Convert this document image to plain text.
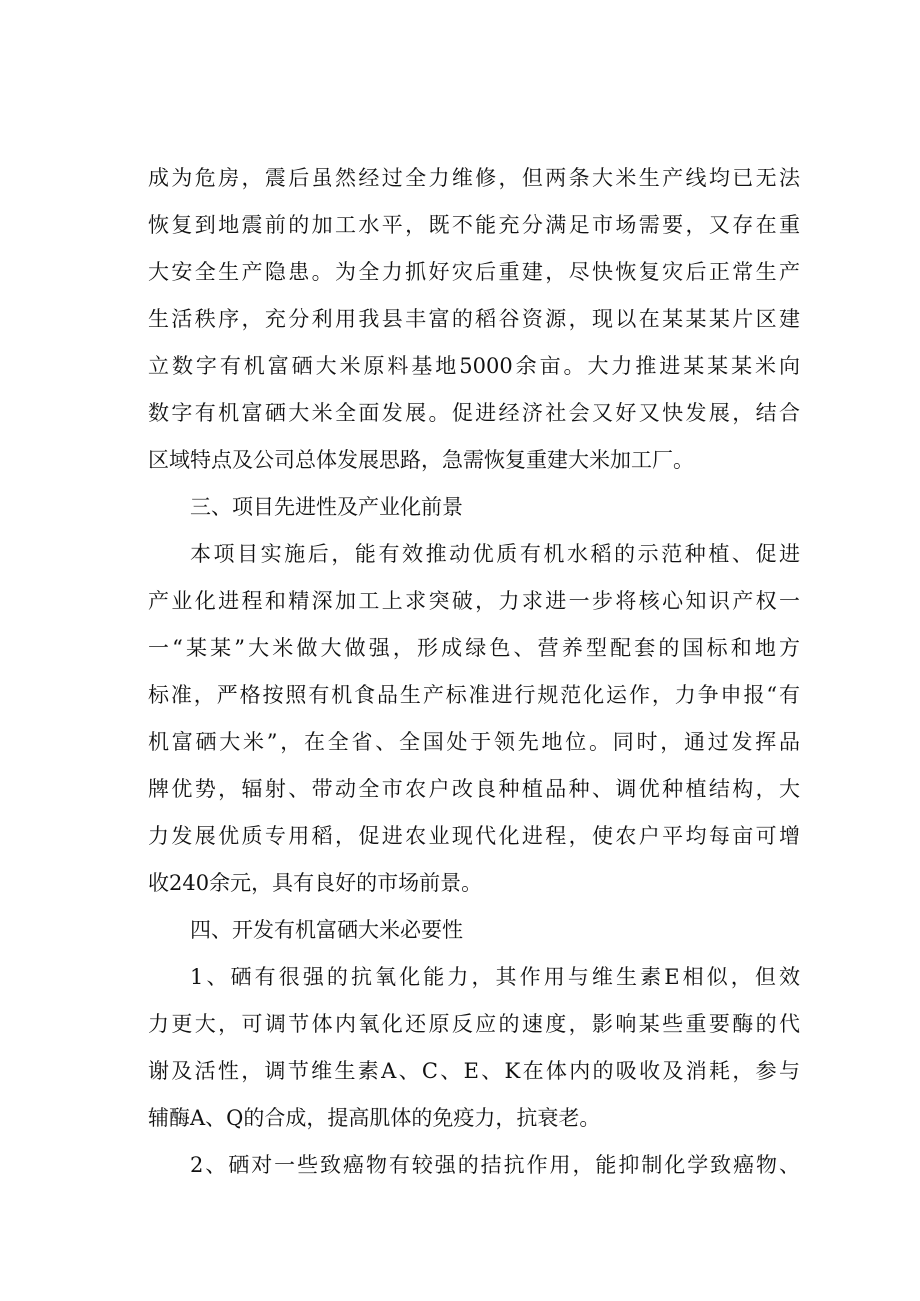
成为危房，震后虽然经过全力维修，但两条大米生产线均已无法
恢复到地震前的加工水平，既不能充分满足市场需要，又存在重
大安全生产隐患。为全力抓好灾后重建，尽快恢复灾后正常生产
生活秩序，充分利用我县丰富的稻谷资源，现以在某某某片区建
立数字有机富硒大米原料基地5000余亩。大力推进某某某米向
数字有机富硒大米全面发展。促进经济社会又好又快发展，结合
区域特点及公司总体发展思路，急需恢复重建大米加工厂。
三、项目先进性及产业化前景
本项目实施后，能有效推动优质有机水稻的示范种植、促进
产业化进程和精深加工上求突破，力求进一步将核心知识产权一
一“某某”大米做大做强，形成绿色、营养型配套的国标和地方
标准，严格按照有机食品生产标准进行规范化运作，力争申报“有
机富硒大米”，在全省、全国处于领先地位。同时，通过发挥品
牌优势，辐射、带动全市农户改良种植品种、调优种植结构，大
力发展优质专用稻，促进农业现代化进程，使农户平均每亩可增
收240余元，具有良好的市场前景。
四、开发有机富硒大米必要性
1、硒有很强的抗氧化能力，其作用与维生素E相似，但效
力更大，可调节体内氧化还原反应的速度，影响某些重要酶的代
谢及活性，调节维生素A、C、E、K在体内的吸收及消耗，参与
辅酶A、Q的合成，提高肌体的免疫力，抗衰老。
2、硒对一些致癌物有较强的拮抗作用，能抑制化学致癌物、
